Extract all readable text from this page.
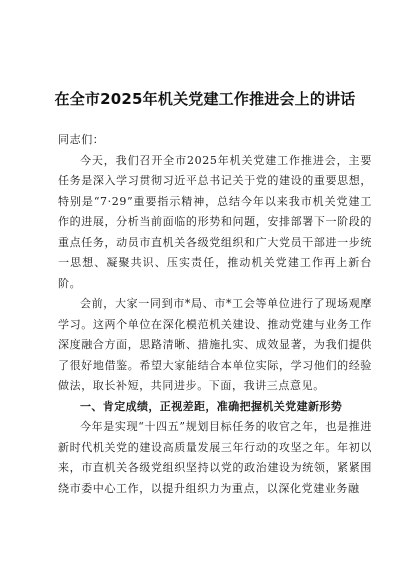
在全市2025年机关党建工作推进会上的讲话

同志们：

今天，我们召开全市2025年机关党建工作推进会，主要任务是深入学习贯彻习近平总书记关于党的建设的重要思想，特别是“7·29”重要指示精神，总结今年以来我市机关党建工作的进展，分析当前面临的形势和问题，安排部署下一阶段的重点任务，动员市直机关各级党组织和广大党员干部进一步统一思想、凝聚共识、压实责任，推动机关党建工作再上新台阶。

会前，大家一同到市*局、市*工会等单位进行了现场观摩学习。这两个单位在深化模范机关建设、推动党建与业务工作深度融合方面，思路清晰、措施扎实、成效显著，为我们提供了很好地借鉴。希望大家能结合本单位实际，学习他们的经验做法，取长补短，共同进步。下面，我讲三点意见。

一、肯定成绩，正视差距，准确把握机关党建新形势

今年是实现“十四五”规划目标任务的收官之年，也是推进新时代机关党的建设高质量发展三年行动的攻坚之年。年初以来，市直机关各级党组织坚持以党的政治建设为统领，紧紧围绕市委中心工作，以提升组织力为重点，以深化党建业务融
